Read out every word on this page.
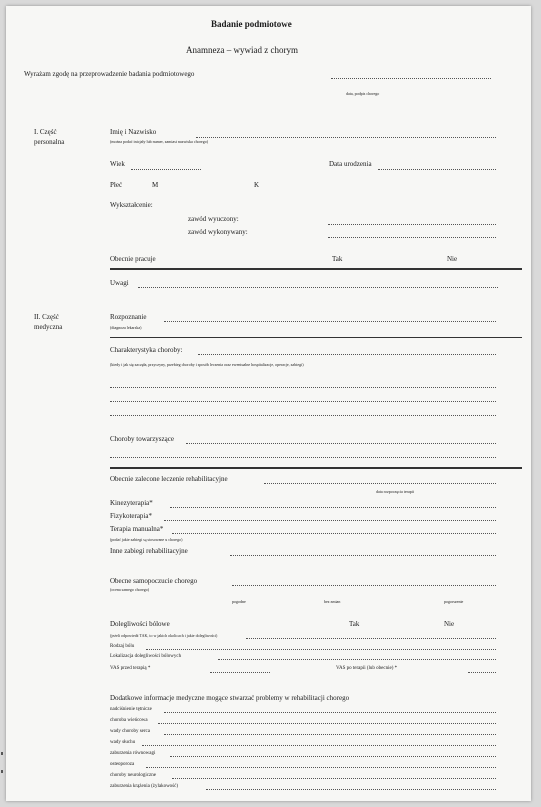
Badanie podmiotowe
Anamneza – wywiad z chorym
Wyrażam zgodę na przeprowadzenie badania podmiotowego
data, podpis chorego
I. Część
personalna
Imię i Nazwisko
(można podać inicjały lub numer, zamiast nazwiska chorego)
Wiek	Data urodzenia
Płeć	M	K
Wykształcenie:
zawód wyuczony:
zawód wykonywany:
Obecnie pracuje	Tak	Nie
Uwagi
II. Część
medyczna
Rozpoznanie
(diagnoza lekarska)
Charakterystyka choroby:
(kiedy i jak się zaczęła, przyczyny, przebieg choroby i sposób leczenia oraz ewentualne hospitalizacje, operacje, zabiegi)
Choroby towarzyszące
Obecnie zalecone leczenie rehabilitacyjne
data rozpoczęcia terapii
Kinezyterapia*
Fizykoterapia*
Terapia manualna*
(podać jakie zabiegi są stosowane u chorego)
Inne zabiegi rehabilitacyjne
Obecne samopoczucie chorego
(ocena samego chorego)
pogodne	bez zmian	pogorszenie
Dolegliwości bólowe	Tak	Nie
(jeżeli odpowiedź TAK, to w jakich okolicach i jakie dolegliwości)
Rodzaj bólu
Lokalizacja dolegliwości bólowych
VAS przed terapią *	VAS po terapii (lub obecnie) *
Dodatkowe informacje medyczne mogące stwarzać problemy w rehabilitacji chorego
nadciśnienie tętnicze
choroba wieńcowa
wady choroby serca
wady słuchu
zaburzenia równowagi
osteoporoza
choroby neurologiczne
zaburzenia krążenia (żylakowość)
